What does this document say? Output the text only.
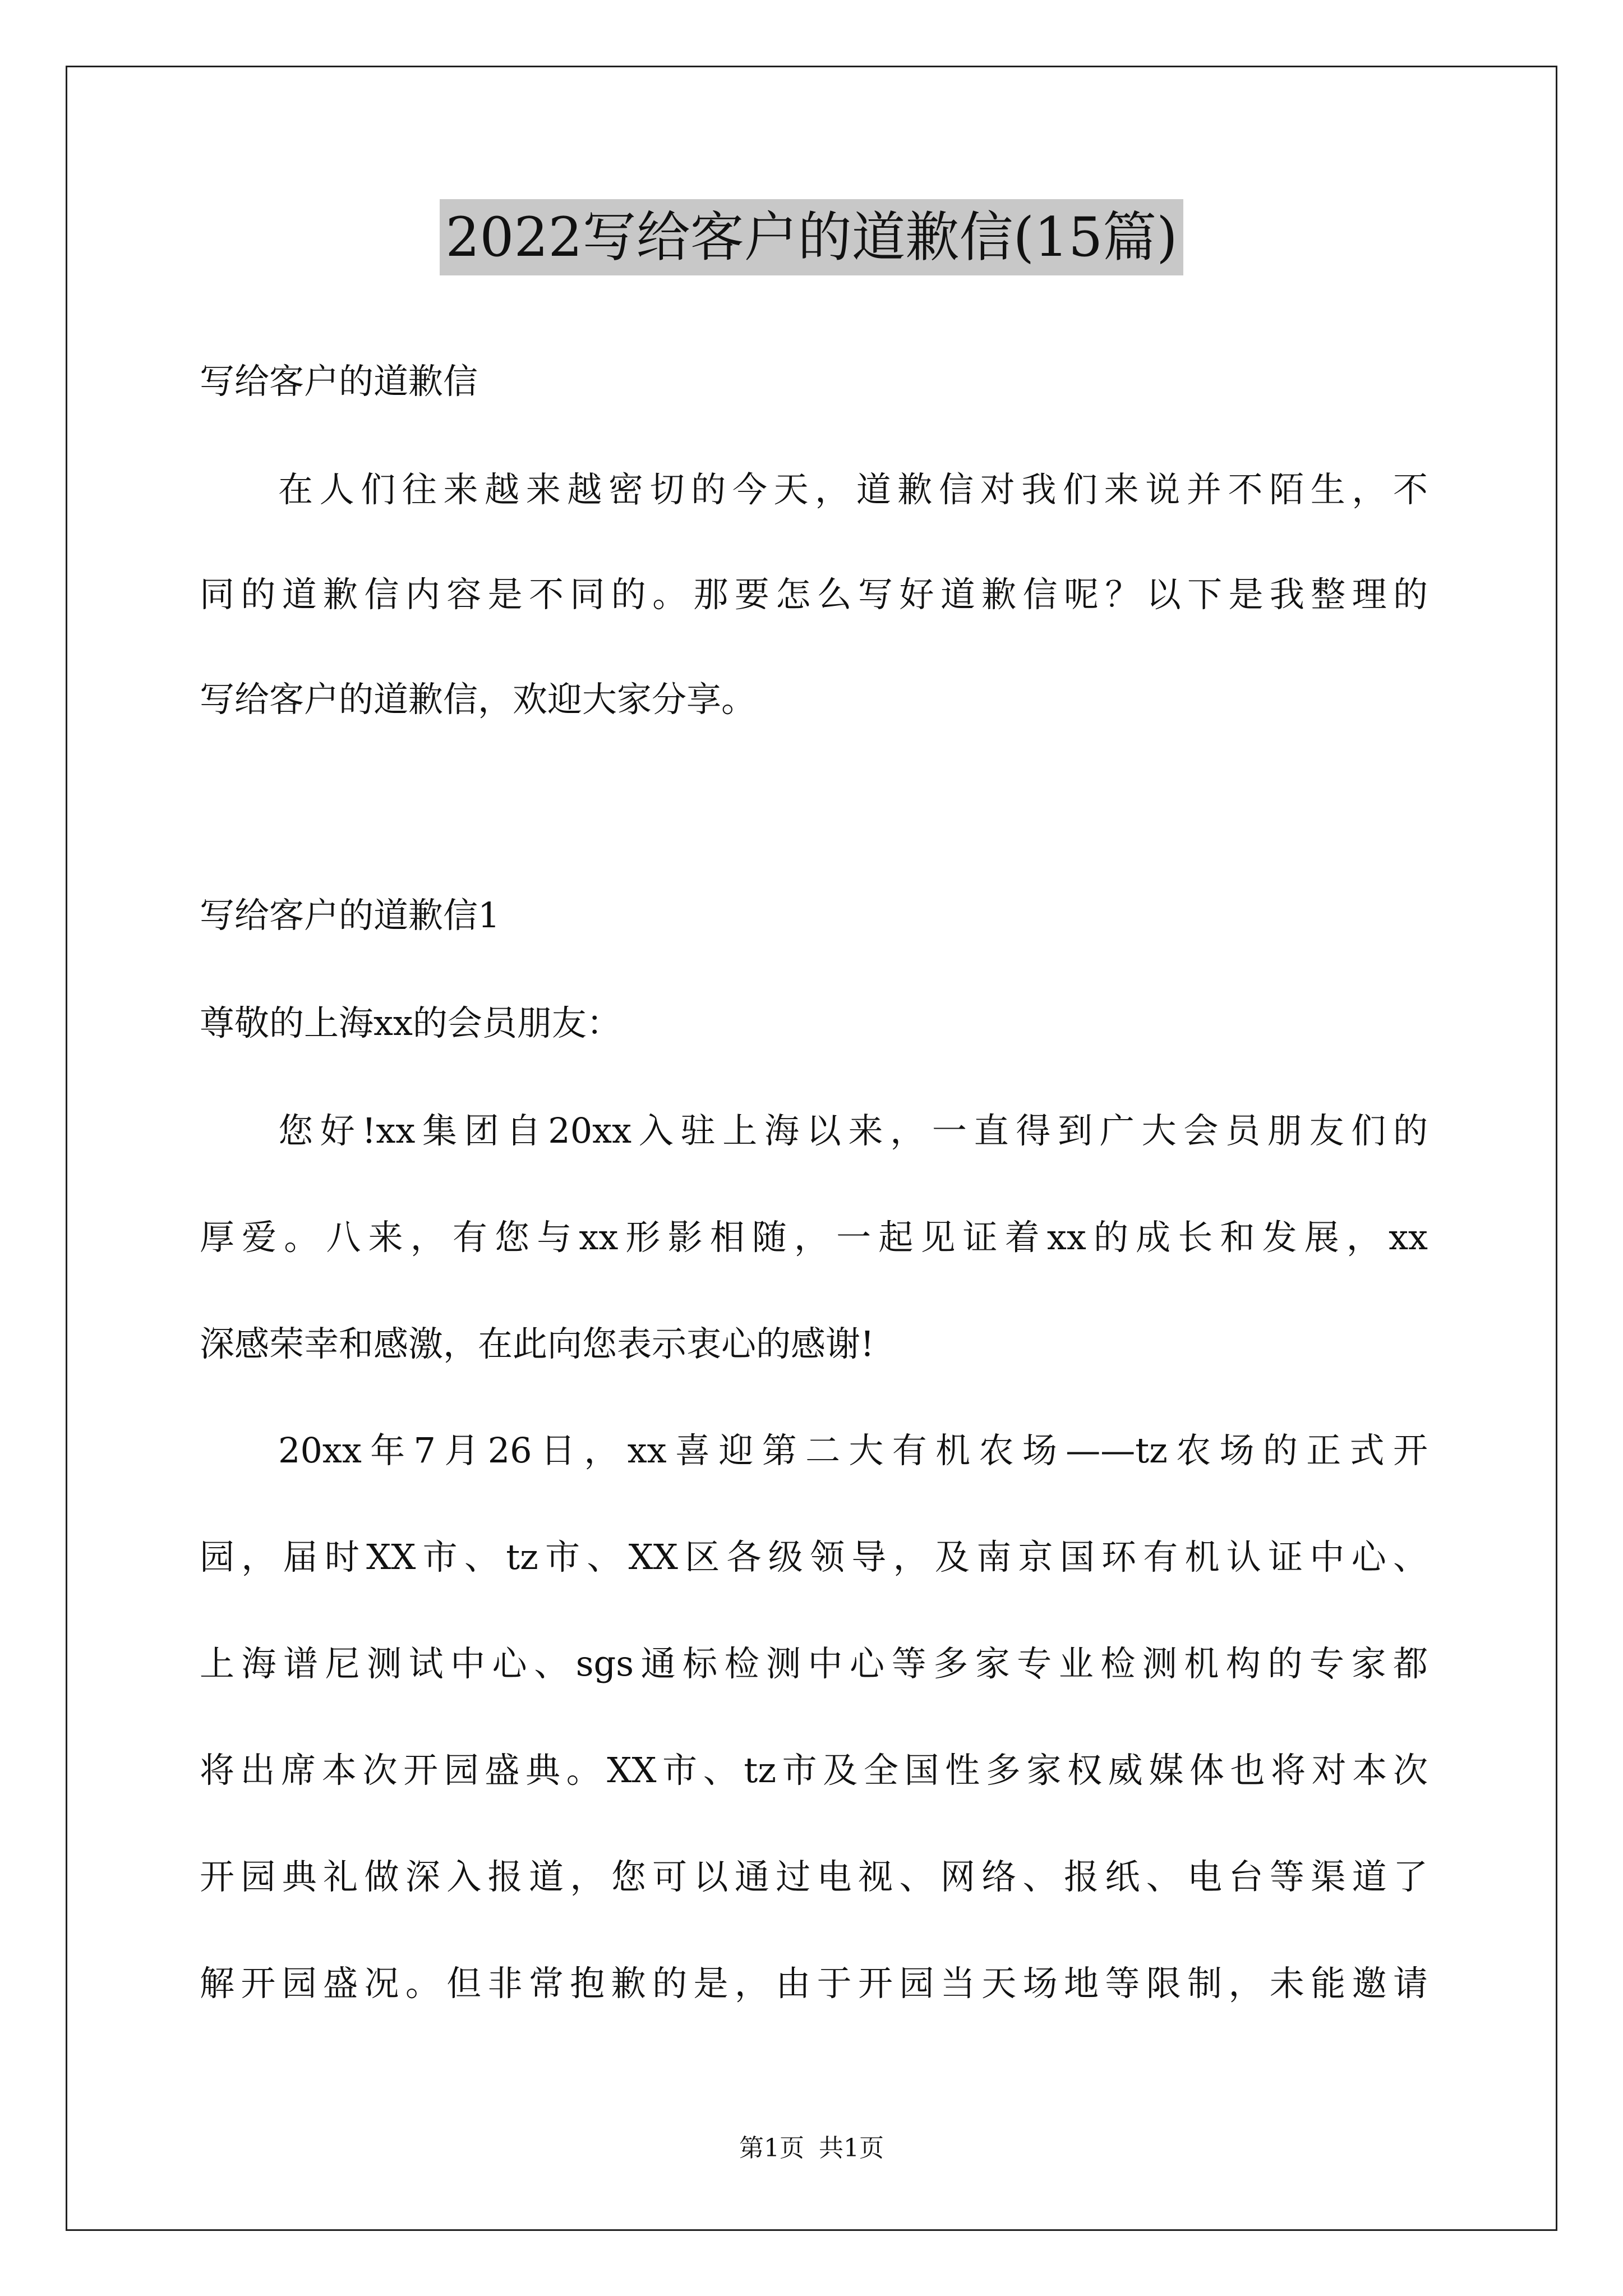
2022写给客户的道歉信(15篇)
写给客户的道歉信
在人们往来越来越密切的今天，道歉信对我们来说并不陌生，不
同的道歉信内容是不同的。那要怎么写好道歉信呢？以下是我整理的
写给客户的道歉信，欢迎大家分享。
写给客户的道歉信1
尊敬的上海xx的会员朋友：
您好!xx集团自20xx入驻上海以来，一直得到广大会员朋友们的
厚爱。八来，有您与xx形影相随，一起见证着xx的成长和发展，xx
深感荣幸和感激，在此向您表示衷心的感谢!
20xx年7月26日，xx喜迎第二大有机农场——tz农场的正式开
园，届时XX市、tz市、XX区各级领导，及南京国环有机认证中心、
上海谱尼测试中心、sgs通标检测中心等多家专业检测机构的专家都
将出席本次开园盛典。XX市、tz市及全国性多家权威媒体也将对本次
开园典礼做深入报道，您可以通过电视、网络、报纸、电台等渠道了
解开园盛况。但非常抱歉的是，由于开园当天场地等限制，未能邀请
第1页 共1页
